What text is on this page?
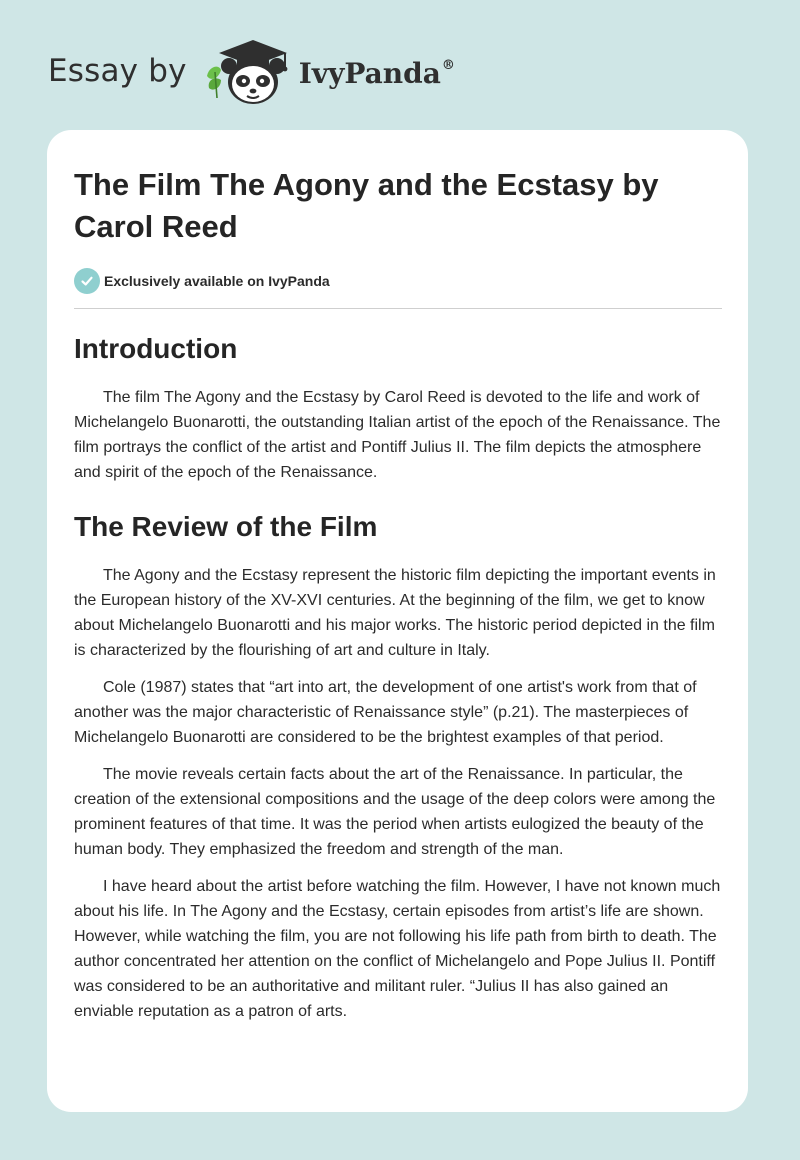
Essay by	IvyPanda®
The Film The Agony and the Ecstasy by Carol Reed
Exclusively available on IvyPanda
Introduction

The film The Agony and the Ecstasy by Carol Reed is devoted to the life and work of Michelangelo Buonarotti, the outstanding Italian artist of the epoch of the Renaissance. The film portrays the conflict of the artist and Pontiff Julius II. The film depicts the atmosphere and spirit of the epoch of the Renaissance.

The Review of the Film

The Agony and the Ecstasy represent the historic film depicting the important events in the European history of the XV-XVI centuries. At the beginning of the film, we get to know about Michelangelo Buonarotti and his major works. The historic period depicted in the film is characterized by the flourishing of art and culture in Italy.

Cole (1987) states that “art into art, the development of one artist's work from that of another was the major characteristic of Renaissance style” (p.21). The masterpieces of Michelangelo Buonarotti are considered to be the brightest examples of that period.

The movie reveals certain facts about the art of the Renaissance. In particular, the creation of the extensional compositions and the usage of the deep colors were among the prominent features of that time. It was the period when artists eulogized the beauty of the human body. They emphasized the freedom and strength of the man.

I have heard about the artist before watching the film. However, I have not known much about his life. In The Agony and the Ecstasy, certain episodes from artist’s life are shown. However, while watching the film, you are not following his life path from birth to death. The author concentrated her attention on the conflict of Michelangelo and Pope Julius II. Pontiff was considered to be an authoritative and militant ruler. “Julius II has also gained an enviable reputation as a patron of arts.
